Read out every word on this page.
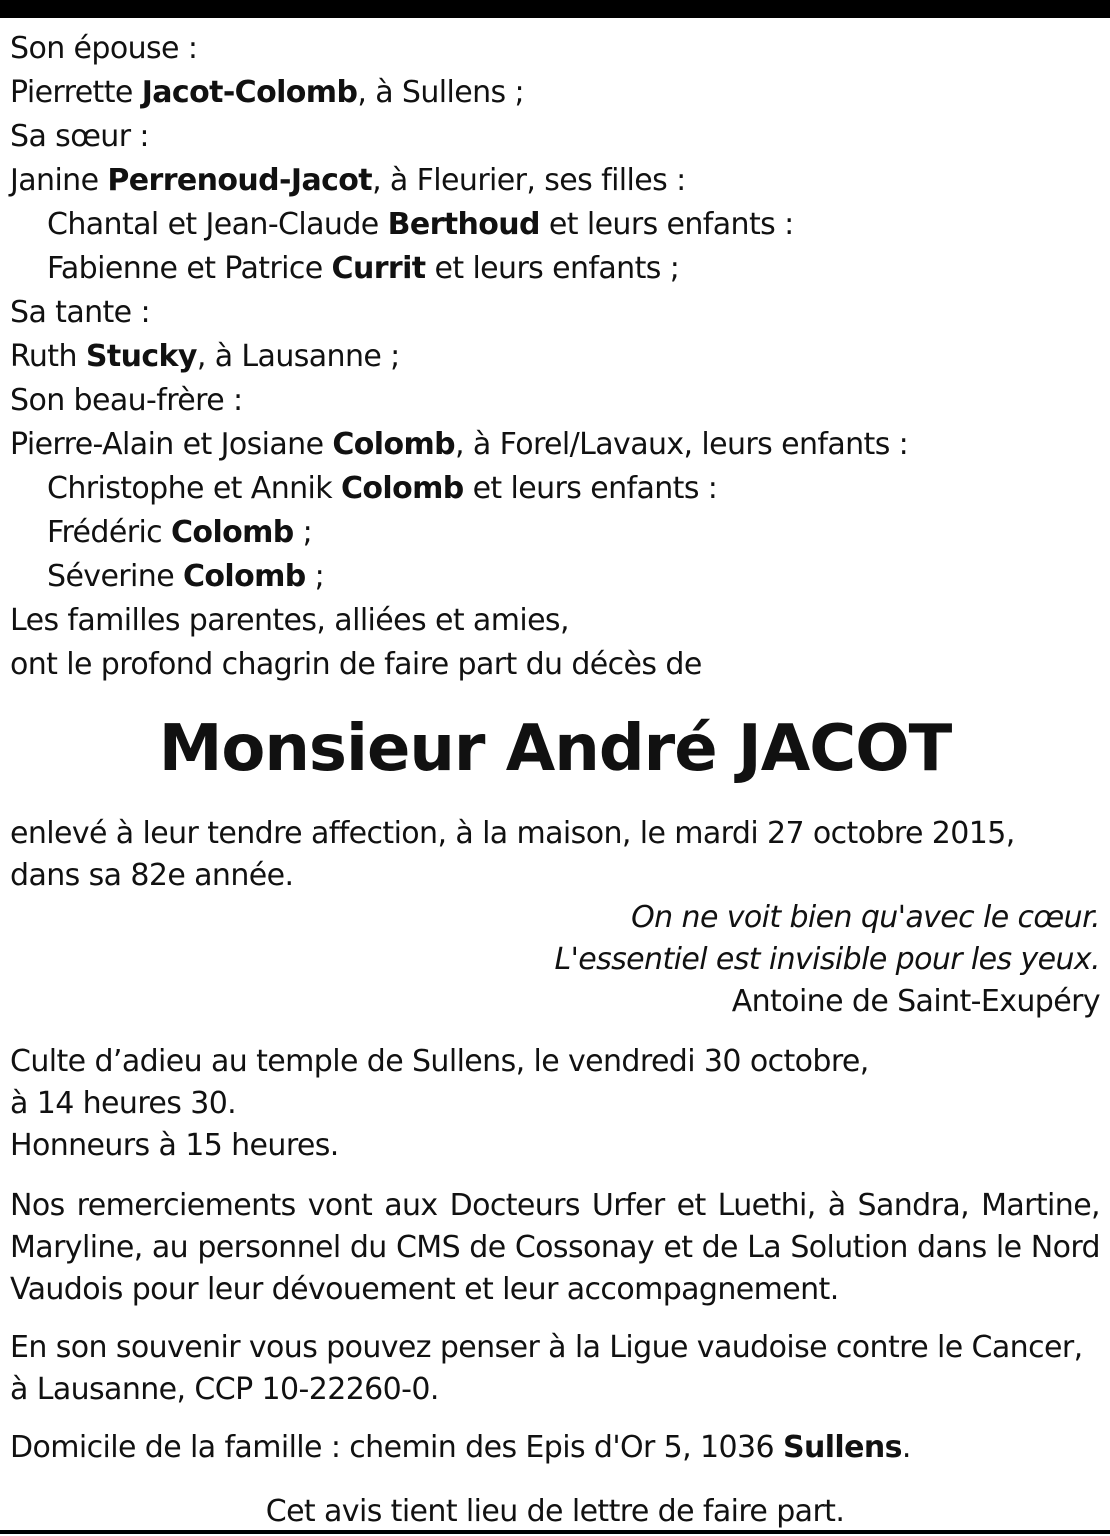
Son épouse :
Pierrette Jacot-Colomb, à Sullens ;
Sa sœur :
Janine Perrenoud-Jacot, à Fleurier, ses filles :
Chantal et Jean-Claude Berthoud et leurs enfants :
Fabienne et Patrice Currit et leurs enfants ;
Sa tante :
Ruth Stucky, à Lausanne ;
Son beau-frère :
Pierre-Alain et Josiane Colomb, à Forel/Lavaux, leurs enfants :
Christophe et Annik Colomb et leurs enfants :
Frédéric Colomb ;
Séverine Colomb ;
Les familles parentes, alliées et amies,
ont le profond chagrin de faire part du décès de
Monsieur André JACOT
enlevé à leur tendre affection, à la maison, le mardi 27 octobre 2015,
dans sa 82e année.
On ne voit bien qu'avec le cœur.
L'essentiel est invisible pour les yeux.
Antoine de Saint-Exupéry
Culte d’adieu au temple de Sullens, le vendredi 30 octobre,
à 14 heures 30.
Honneurs à 15 heures.
Nos remerciements vont aux Docteurs Urfer et Luethi, à Sandra, Martine, Maryline, au personnel du CMS de Cossonay et de La Solution dans le Nord Vaudois pour leur dévouement et leur accompagnement.
En son souvenir vous pouvez penser à la Ligue vaudoise contre le Cancer, à Lausanne, CCP 10-22260-0.
Domicile de la famille : chemin des Epis d'Or 5, 1036 Sullens.
Cet avis tient lieu de lettre de faire part.
